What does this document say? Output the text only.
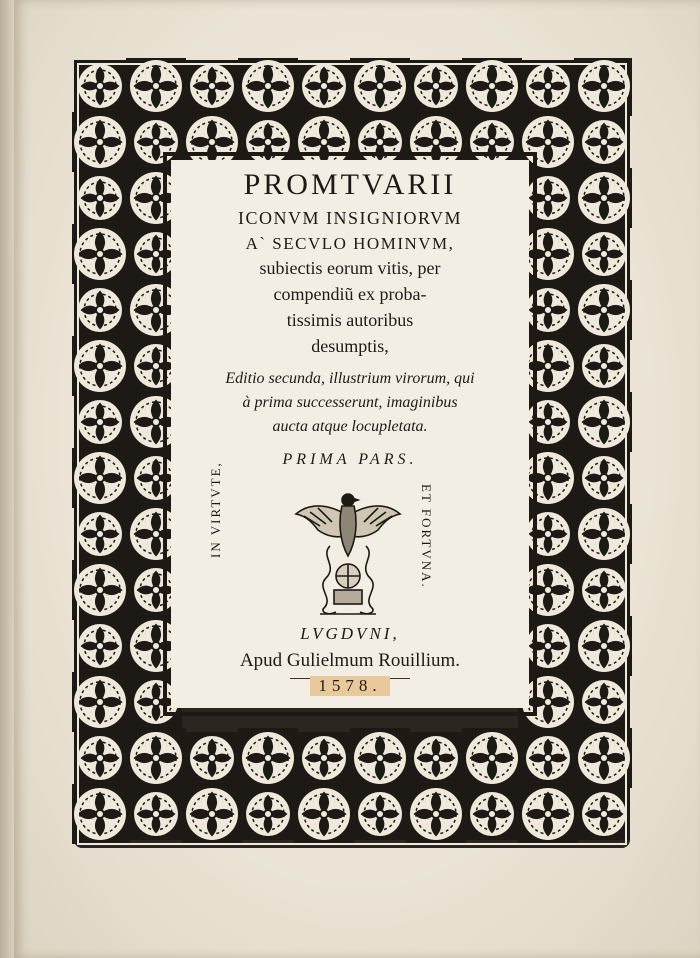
PROMTVARII
ICONVM INSIGNIORVM
A` SECVLO HOMINVM,
subiectis eorum vitis, per
compendiũ ex proba-
tissimis autoribus
desumptis,
Editio secunda, illustrium virorum, qui
à prima successerunt, imaginibus
aucta atque locupletata.
PRIMA PARS.
IN VIRTVTE,	ET FORTVNA.
LVGDVNI,
Apud Gulielmum Rouillium.
1578.
